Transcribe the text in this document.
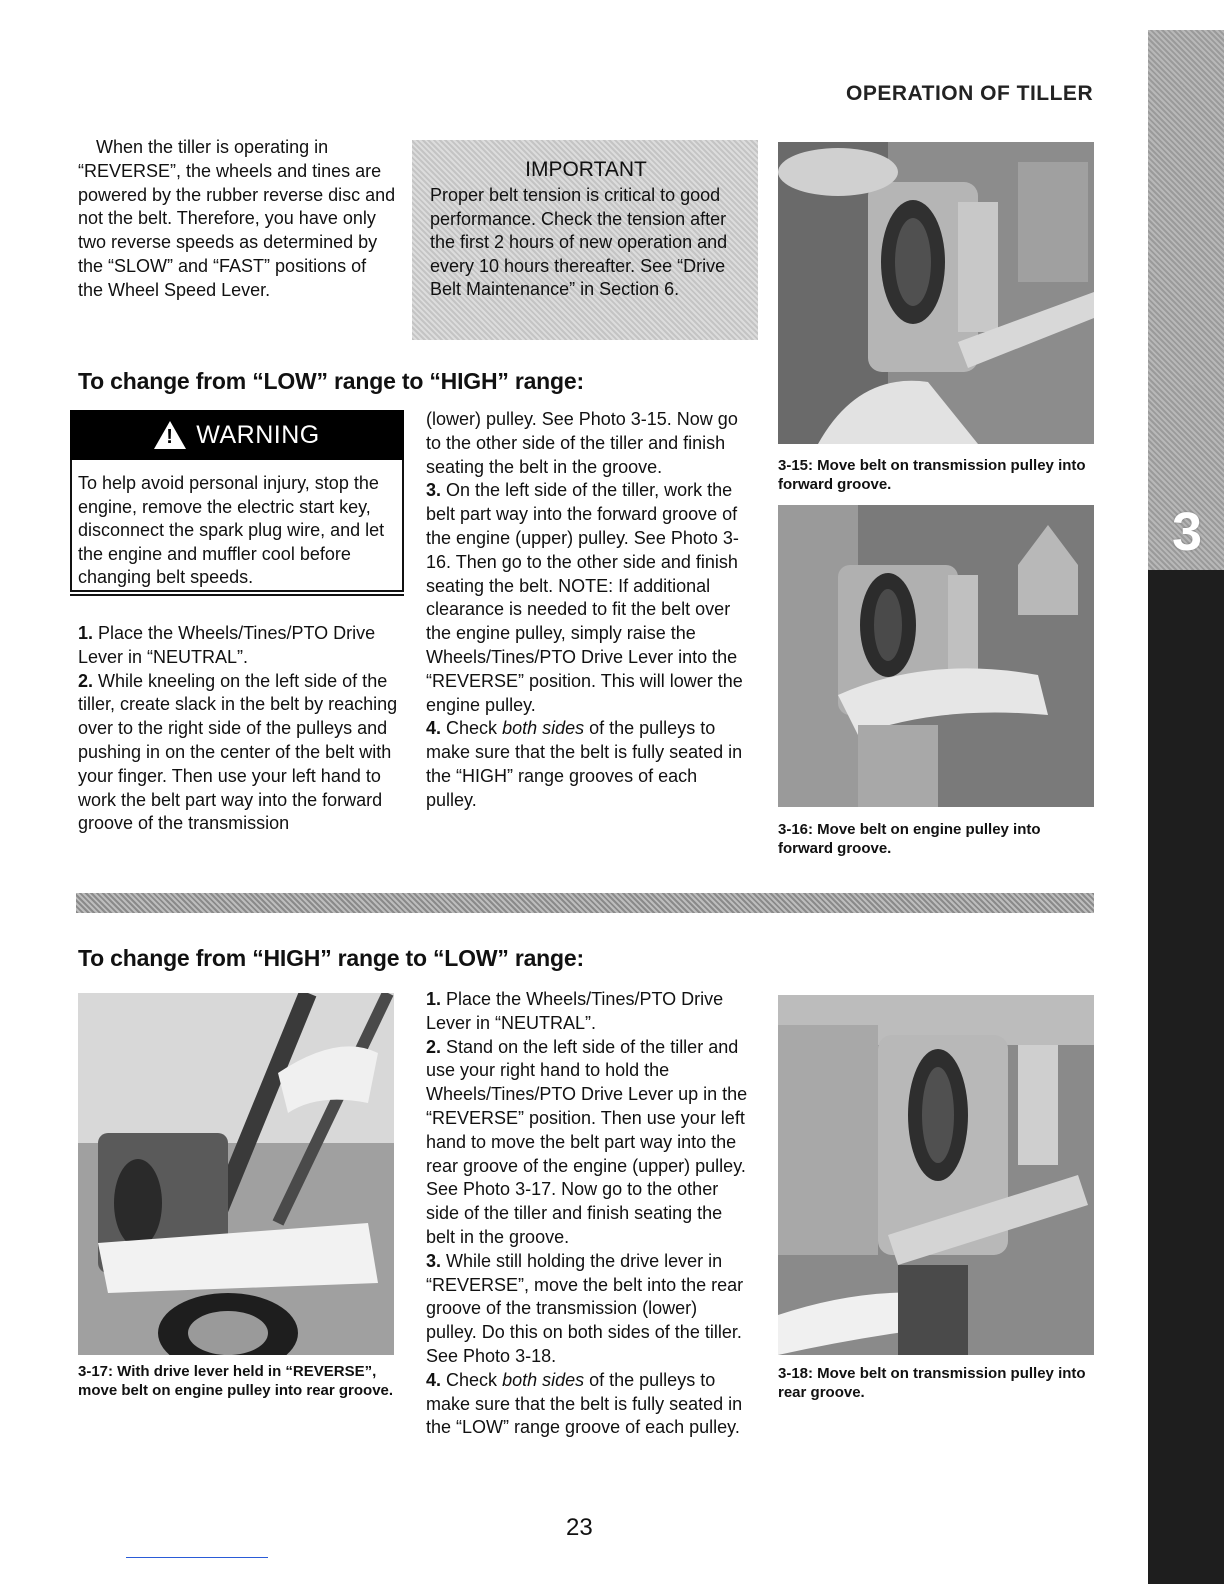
3
OPERATION OF TILLER
When the tiller is operating in “REVERSE”, the wheels and tines are powered by the rubber reverse disc and not the belt. Therefore, you have only two reverse speeds as determined by the “SLOW” and “FAST” positions of the Wheel Speed Lever.
IMPORTANT
Proper belt tension is critical to good performance. Check the tension after the first 2 hours of new operation and every 10 hours thereafter. See “Drive Belt Maintenance” in Section 6.
3-15: Move belt on transmission pulley into forward groove.
To change from “LOW” range to “HIGH” range:
!
WARNING
To help avoid personal injury, stop the engine, remove the electric start key, disconnect the spark plug wire, and let the engine and muffler cool before changing belt speeds.

1. Place the Wheels/Tines/PTO Drive Lever in “NEUTRAL”.

2. While kneeling on the left side of the tiller, create slack in the belt by reaching over to the right side of the pulleys and pushing in on the center of the belt with your finger. Then use your left hand to work the belt part way into the forward groove of the transmission

(lower) pulley. See Photo 3-15. Now go to the other side of the tiller and finish seating the belt in the groove.

3. On the left side of the tiller, work the belt part way into the forward groove of the engine (upper) pulley. See Photo 3-16. Then go to the other side and finish seating the belt. NOTE: If additional clearance is needed to fit the belt over the engine pulley, simply raise the Wheels/Tines/PTO Drive Lever into the “REVERSE” position. This will lower the engine pulley.

4. Check both sides of the pulleys to make sure that the belt is fully seated in the “HIGH” range grooves of each pulley.

3-16: Move belt on engine pulley into forward groove.
To change from “HIGH” range to “LOW” range:
3-17: With drive lever held in “REVERSE”, move belt on engine pulley into rear groove.

1. Place the Wheels/Tines/PTO Drive Lever in “NEUTRAL”.

2. Stand on the left side of the tiller and use your right hand to hold the Wheels/Tines/PTO Drive Lever up in the “REVERSE” position. Then use your left hand to move the belt part way into the rear groove of the engine (upper) pulley. See Photo 3-17. Now go to the other side of the tiller and finish seating the belt in the groove.

3. While still holding the drive lever in “REVERSE”, move the belt into the rear groove of the transmission (lower) pulley. Do this on both sides of the tiller. See Photo 3-18.

4. Check both sides of the pulleys to make sure that the belt is fully seated in the “LOW” range groove of each pulley.

3-18: Move belt on transmission pulley into rear groove.
23
